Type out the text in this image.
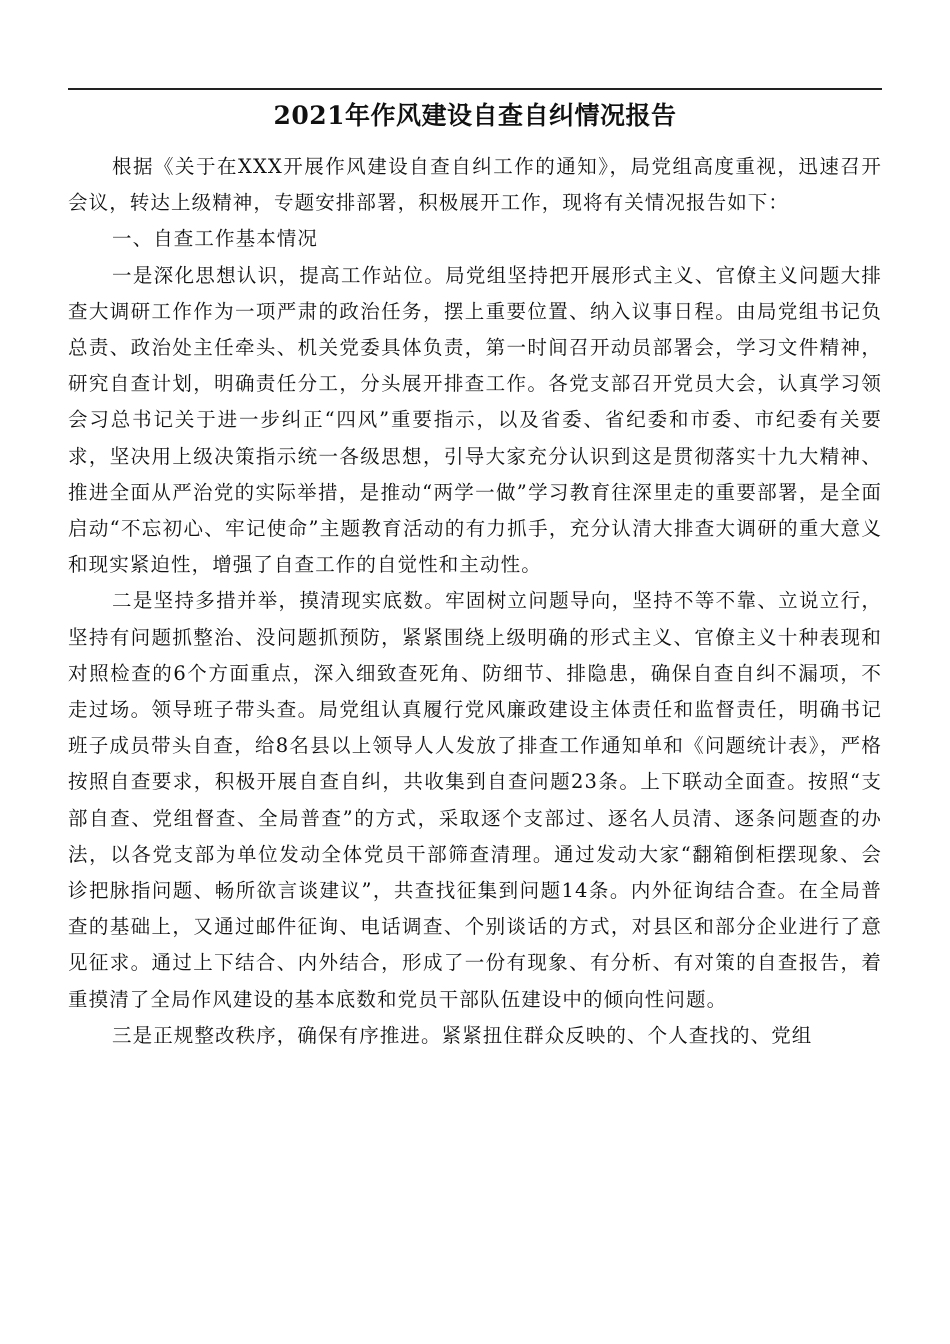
2021年作风建设自查自纠情况报告

根据《关于在XXX开展作风建设自查自纠工作的通知》，局党组高度重视，迅速召开会议，转达上级精神，专题安排部署，积极展开工作，现将有关情况报告如下：

一、自查工作基本情况

一是深化思想认识，提高工作站位。局党组坚持把开展形式主义、官僚主义问题大排查大调研工作作为一项严肃的政治任务，摆上重要位置、纳入议事日程。由局党组书记负总责、政治处主任牵头、机关党委具体负责，第一时间召开动员部署会，学习文件精神，研究自查计划，明确责任分工，分头展开排查工作。各党支部召开党员大会，认真学习领会习总书记关于进一步纠正“四风”重要指示，以及省委、省纪委和市委、市纪委有关要求，坚决用上级决策指示统一各级思想，引导大家充分认识到这是贯彻落实十九大精神、推进全面从严治党的实际举措，是推动“两学一做”学习教育往深里走的重要部署，是全面启动“不忘初心、牢记使命”主题教育活动的有力抓手，充分认清大排查大调研的重大意义和现实紧迫性，增强了自查工作的自觉性和主动性。

二是坚持多措并举，摸清现实底数。牢固树立问题导向，坚持不等不靠、立说立行，坚持有问题抓整治、没问题抓预防，紧紧围绕上级明确的形式主义、官僚主义十种表现和对照检查的6个方面重点，深入细致查死角、防细节、排隐患，确保自查自纠不漏项，不走过场。领导班子带头查。局党组认真履行党风廉政建设主体责任和监督责任，明确书记班子成员带头自查，给8名县以上领导人人发放了排查工作通知单和《问题统计表》，严格按照自查要求，积极开展自查自纠，共收集到自查问题23条。上下联动全面查。按照“支部自查、党组督查、全局普查”的方式，采取逐个支部过、逐名人员清、逐条问题查的办法，以各党支部为单位发动全体党员干部筛查清理。通过发动大家“翻箱倒柜摆现象、会诊把脉指问题、畅所欲言谈建议”，共查找征集到问题14条。内外征询结合查。在全局普查的基础上，又通过邮件征询、电话调查、个别谈话的方式，对县区和部分企业进行了意见征求。通过上下结合、内外结合，形成了一份有现象、有分析、有对策的自查报告，着重摸清了全局作风建设的基本底数和党员干部队伍建设中的倾向性问题。

三是正规整改秩序，确保有序推进。紧紧扭住群众反映的、个人查找的、党组
